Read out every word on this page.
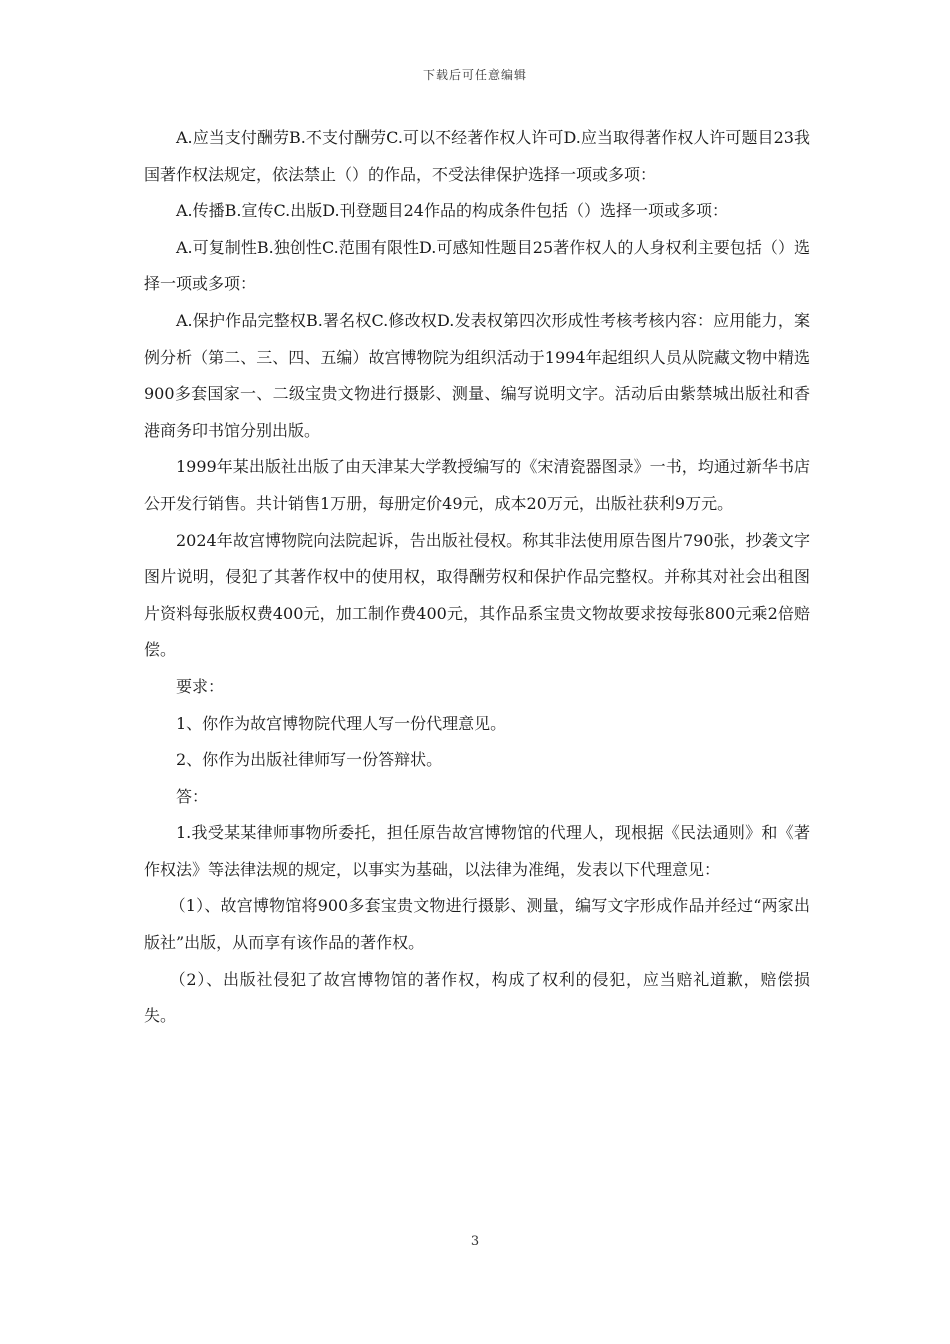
下载后可任意编辑

A.应当支付酬劳B.不支付酬劳C.可以不经著作权人许可D.应当取得著作权人许可题目23我国著作权法规定，依法禁止（）的作品，不受法律保护选择一项或多项：

A.传播B.宣传C.出版D.刊登题目24作品的构成条件包括（）选择一项或多项：

A.可复制性B.独创性C.范围有限性D.可感知性题目25著作权人的人身权利主要包括（）选择一项或多项：

A.保护作品完整权B.署名权C.修改权D.发表权第四次形成性考核考核内容：应用能力，案例分析（第二、三、四、五编）故宫博物院为组织活动于1994年起组织人员从院藏文物中精选900多套国家一、二级宝贵文物进行摄影、测量、编写说明文字。活动后由紫禁城出版社和香港商务印书馆分别出版。

1999年某出版社出版了由天津某大学教授编写的《宋清瓷器图录》一书，均通过新华书店公开发行销售。共计销售1万册，每册定价49元，成本20万元，出版社获利9万元。

2024年故宫博物院向法院起诉，告出版社侵权。称其非法使用原告图片790张，抄袭文字图片说明，侵犯了其著作权中的使用权，取得酬劳权和保护作品完整权。并称其对社会出租图片资料每张版权费400元，加工制作费400元，其作品系宝贵文物故要求按每张800元乘2倍赔偿。

要求：

1、你作为故宫博物院代理人写一份代理意见。

2、你作为出版社律师写一份答辩状。

答：

1.我受某某律师事物所委托，担任原告故宫博物馆的代理人，现根据《民法通则》和《著作权法》等法律法规的规定，以事实为基础，以法律为准绳，发表以下代理意见：

（1）、故宫博物馆将900多套宝贵文物进行摄影、测量，编写文字形成作品并经过“两家出版社”出版，从而享有该作品的著作权。

（2）、出版社侵犯了故宫博物馆的著作权，构成了权利的侵犯，应当赔礼道歉，赔偿损失。

3
